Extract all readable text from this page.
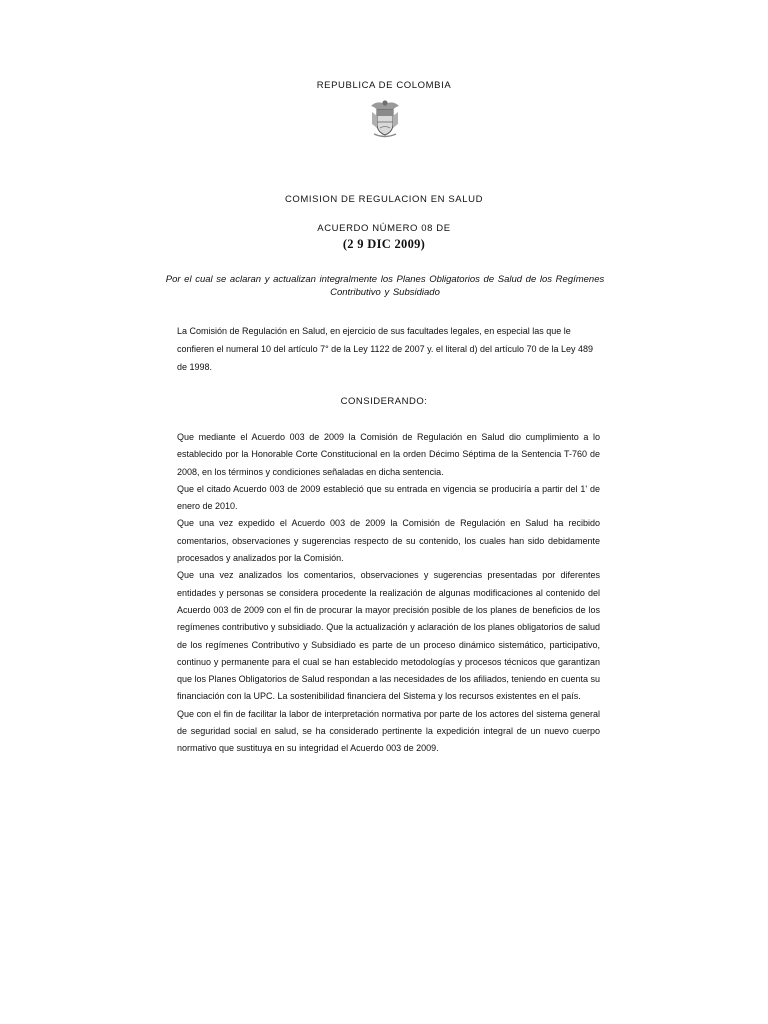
REPUBLICA DE COLOMBIA
COMISION DE REGULACION EN SALUD
ACUERDO NÚMERO 08 DE
(2 9 DIC 2009)
Por el cual se aclaran y actualizan integralmente los Planes Obligatorios de Salud de los Regímenes Contributivo y Subsidiado
La Comisión de Regulación en Salud, en ejercicio de sus facultades legales, en especial las que le confieren el numeral 10 del artículo 7° de la Ley 1122 de 2007 y. el literal d) del artículo 70 de la Ley 489 de 1998.
CONSIDERANDO:

Que mediante el Acuerdo 003 de 2009 la Comisión de Regulación en Salud dio cumplimiento a lo establecido por la Honorable Corte Constitucional en la orden Décimo Séptima de la Sentencia T-760 de 2008, en los términos y condiciones señaladas en dicha sentencia.

Que el citado Acuerdo 003 de 2009 estableció que su entrada en vigencia se produciría a partir del 1' de enero de 2010.

Que una vez expedido el Acuerdo 003 de 2009 la Comisión de Regulación en Salud ha recibido comentarios, observaciones y sugerencias respecto de su contenido, los cuales han sido debidamente procesados y analizados por la Comisión.

Que una vez analizados los comentarios, observaciones y sugerencias presentadas por diferentes entidades y personas se considera procedente la realización de algunas modificaciones al contenido del Acuerdo 003 de 2009 con el fin de procurar la mayor precisión posible de los planes de beneficios de los regímenes contributivo y subsidiado. Que la actualización y aclaración de los planes obligatorios de salud de los regímenes Contributivo y Subsidiado es parte de un proceso dinámico sistemático, participativo, continuo y permanente para el cual se han establecido metodologías y procesos técnicos que garantizan que los Planes Obligatorios de Salud respondan a las necesidades de los afiliados, teniendo en cuenta su financiación con la UPC. La sostenibilidad financiera del Sistema y los recursos existentes en el país.

Que con el fin de facilitar la labor de interpretación normativa por parte de los actores del sistema general de seguridad social en salud, se ha considerado pertinente la expedición integral de un nuevo cuerpo normativo que sustituya en su integridad el Acuerdo 003 de 2009.
